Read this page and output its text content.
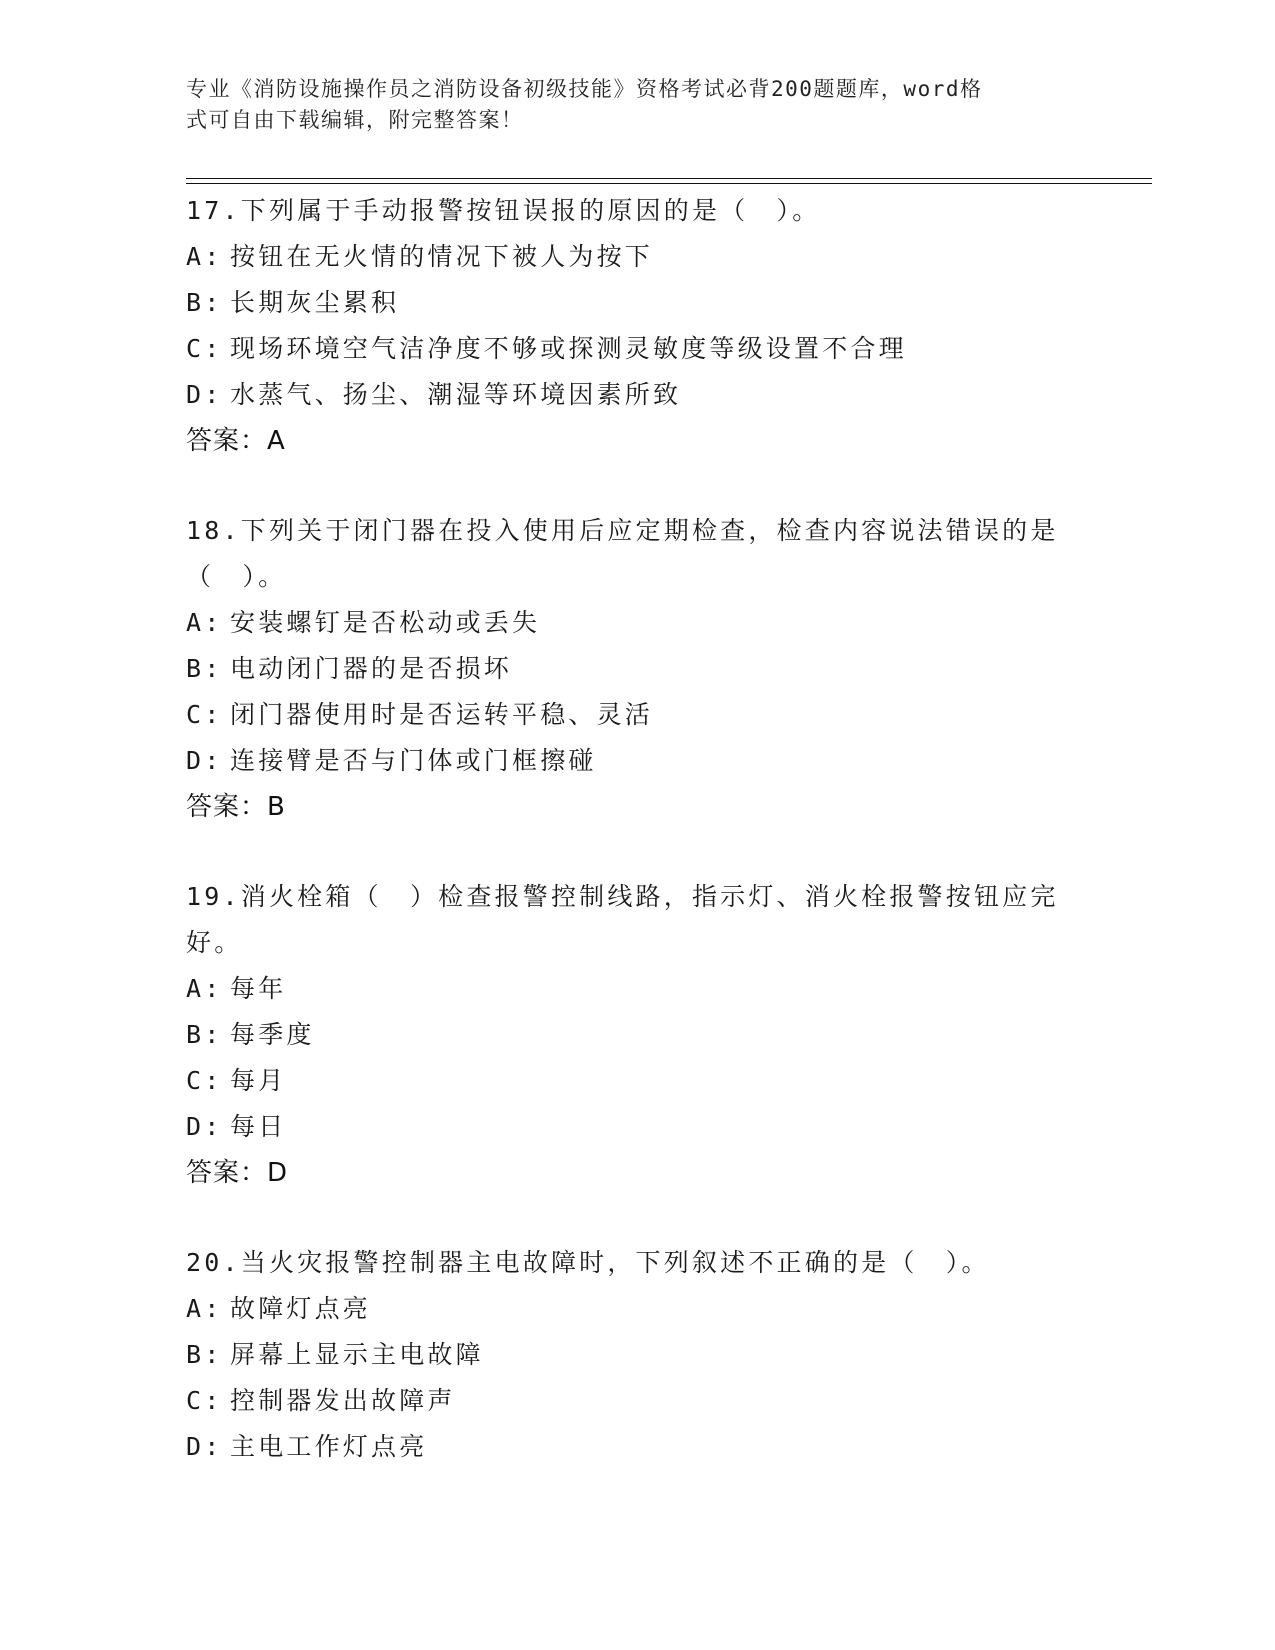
专业《消防设施操作员之消防设备初级技能》资格考试必背200题题库，word格
式可自由下载编辑，附完整答案！
17.下列属于手动报警按钮误报的原因的是（　）。
A: 按钮在无火情的情况下被人为按下
B: 长期灰尘累积
C: 现场环境空气洁净度不够或探测灵敏度等级设置不合理
D: 水蒸气、扬尘、潮湿等环境因素所致
答案：A
18.下列关于闭门器在投入使用后应定期检查，检查内容说法错误的是
（　）。
A: 安装螺钉是否松动或丢失
B: 电动闭门器的是否损坏
C: 闭门器使用时是否运转平稳、灵活
D: 连接臂是否与门体或门框擦碰
答案：B
19.消火栓箱（　）检查报警控制线路，指示灯、消火栓报警按钮应完
好。
A: 每年
B: 每季度
C: 每月
D: 每日
答案：D
20.当火灾报警控制器主电故障时，下列叙述不正确的是（　）。
A: 故障灯点亮
B: 屏幕上显示主电故障
C: 控制器发出故障声
D: 主电工作灯点亮
